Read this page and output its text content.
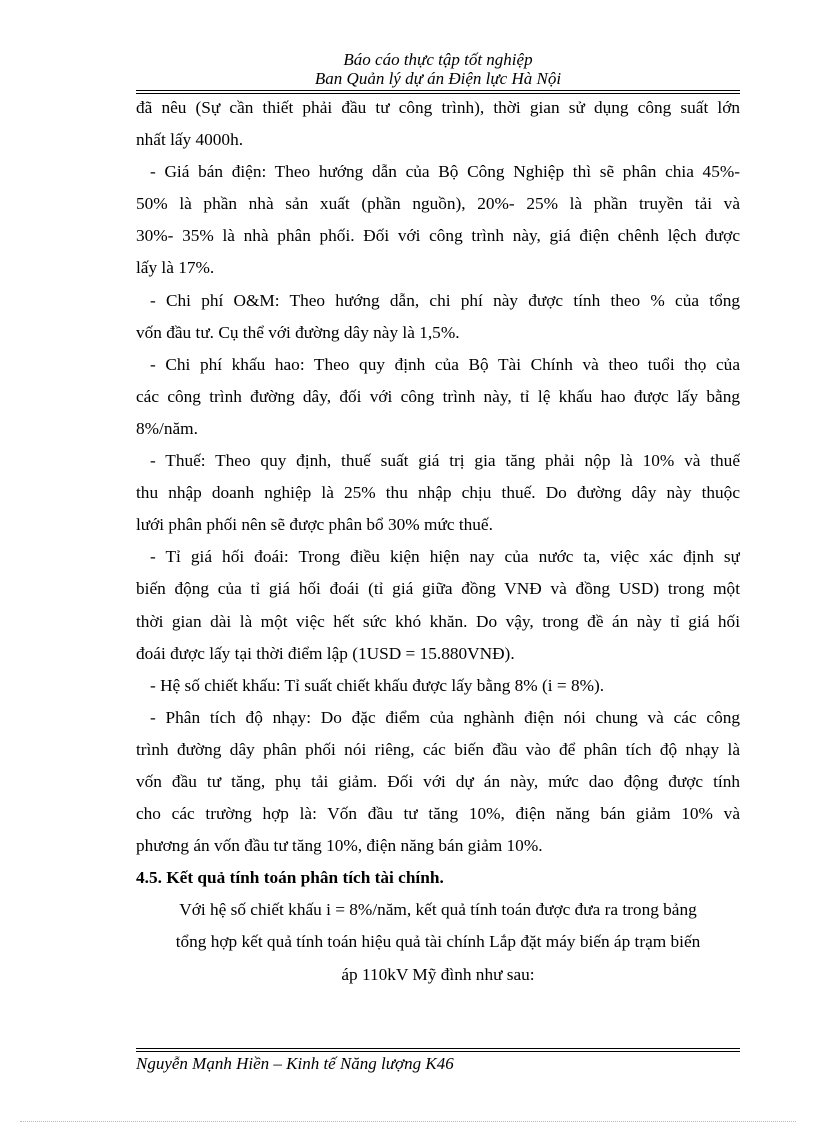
Báo cáo thực tập tốt nghiệp
Ban Quản lý dự án Điện lực Hà Nội
đã nêu (Sự cần thiết phải đầu tư công trình), thời gian sử dụng công suất lớn
nhất lấy 4000h.
- Giá bán điện: Theo hướng dẫn của Bộ Công Nghiệp thì sẽ phân chia 45%-
50% là phần nhà sản xuất (phần nguồn), 20%- 25% là phần truyền tải và
30%- 35% là nhà phân phối. Đối với công trình này, giá điện chênh lệch được
lấy là 17%.
- Chi phí O&M: Theo hướng dẫn, chi phí này được tính theo % của tổng
vốn đầu tư. Cụ thể với đường dây này là 1,5%.
- Chi phí khấu hao: Theo quy định của Bộ Tài Chính và theo tuổi thọ của
các công trình đường dây, đối với công trình này, tỉ lệ khấu hao được lấy bằng
8%/năm.
- Thuế: Theo quy định, thuế suất giá trị gia tăng phải nộp là 10% và thuế
thu nhập doanh nghiệp là 25% thu nhập chịu thuế. Do đường dây này thuộc
lưới phân phối nên sẽ được phân bổ 30% mức thuế.
- Tỉ giá hối đoái: Trong điều kiện hiện nay của nước ta, việc xác định sự
biến động của tỉ giá hối đoái (tỉ giá giữa đồng VNĐ và đồng USD) trong một
thời gian dài là một việc hết sức khó khăn. Do vậy, trong đề án này tỉ giá hối
đoái được lấy tại thời điểm lập (1USD = 15.880VNĐ).
- Hệ số chiết khấu: Tỉ suất chiết khấu được lấy bằng 8% (i = 8%).
- Phân tích độ nhạy: Do đặc điểm của nghành điện nói chung và các công
trình đường dây phân phối nói riêng, các biến đầu vào để phân tích độ nhạy là
vốn đầu tư tăng, phụ tải giảm. Đối với dự án này, mức dao động được tính
cho các trường hợp là: Vốn đầu tư tăng 10%, điện năng bán giảm 10% và
phương án vốn đầu tư tăng 10%, điện năng bán giảm 10%.
4.5. Kết quả tính toán phân tích tài chính.
Với hệ số chiết khấu i = 8%/năm, kết quả tính toán được đưa ra trong bảng
tổng hợp kết quả tính toán hiệu quả tài chính Lắp đặt máy biến áp trạm biến
áp 110kV Mỹ đình như sau:
Nguyễn Mạnh Hiền – Kinh tế Năng lượng K46
